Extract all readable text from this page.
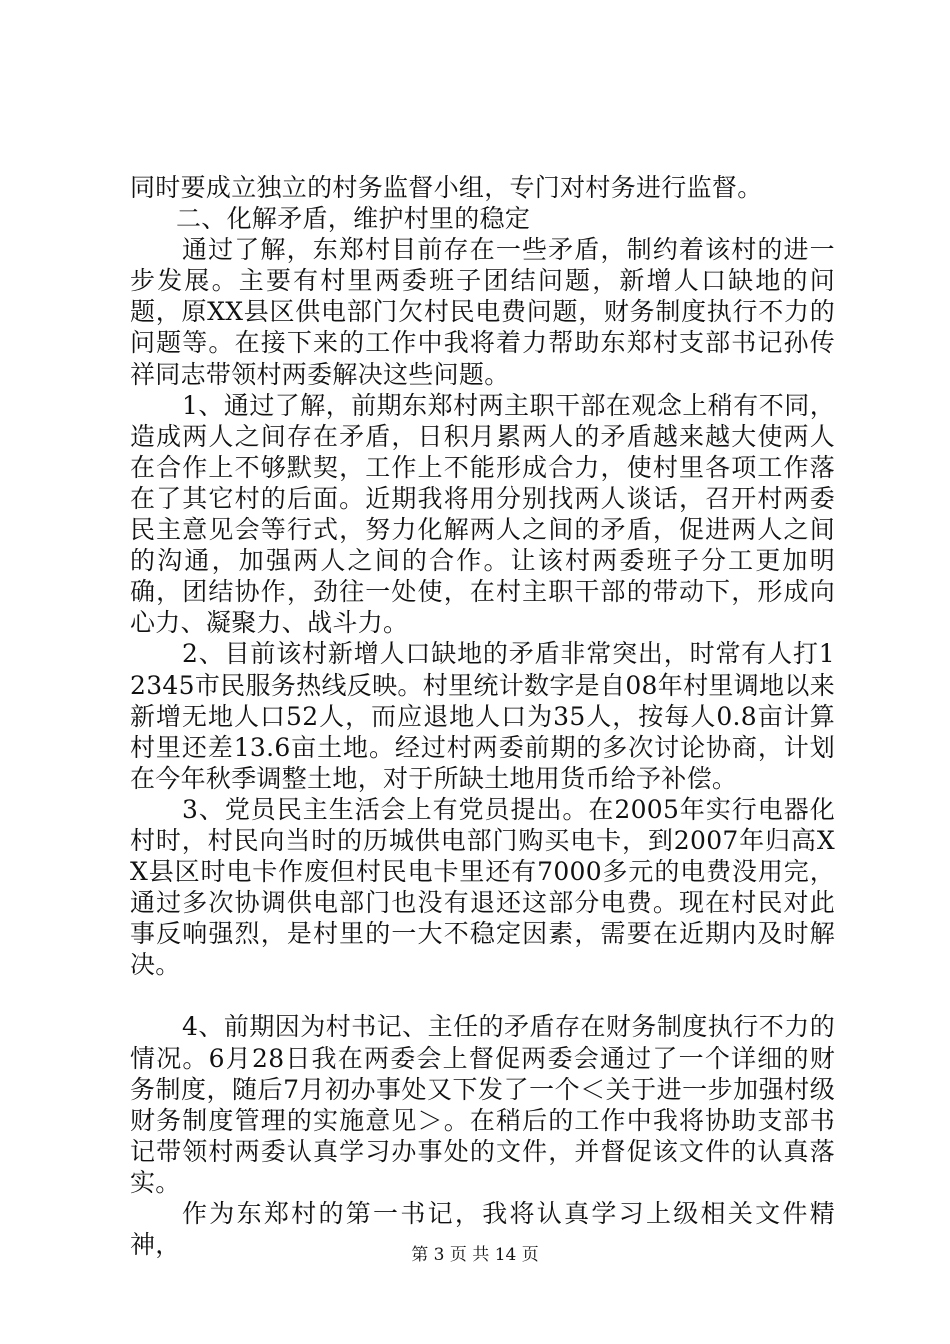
同时要成立独立的村务监督小组，专门对村务进行监督。

二、化解矛盾，维护村里的稳定

通过了解，东郑村目前存在一些矛盾，制约着该村的进一步发展。主要有村里两委班子团结问题，新增人口缺地的问题，原XX县区供电部门欠村民电费问题，财务制度执行不力的问题等。在接下来的工作中我将着力帮助东郑村支部书记孙传祥同志带领村两委解决这些问题。

1、通过了解，前期东郑村两主职干部在观念上稍有不同，造成两人之间存在矛盾，日积月累两人的矛盾越来越大使两人在合作上不够默契，工作上不能形成合力，使村里各项工作落在了其它村的后面。近期我将用分别找两人谈话，召开村两委民主意见会等行式，努力化解两人之间的矛盾，促进两人之间的沟通，加强两人之间的合作。让该村两委班子分工更加明确，团结协作，劲往一处使，在村主职干部的带动下，形成向心力、凝聚力、战斗力。

2、目前该村新增人口缺地的矛盾非常突出，时常有人打12345市民服务热线反映。村里统计数字是自08年村里调地以来新增无地人口52人，而应退地人口为35人，按每人0.8亩计算村里还差13.6亩土地。经过村两委前期的多次讨论协商，计划在今年秋季调整土地，对于所缺土地用货币给予补偿。

3、党员民主生活会上有党员提出。在2005年实行电器化村时，村民向当时的历城供电部门购买电卡，到2007年归高XX县区时电卡作废但村民电卡里还有7000多元的电费没用完，通过多次协调供电部门也没有退还这部分电费。现在村民对此事反响强烈，是村里的一大不稳定因素，需要在近期内及时解决。

4、前期因为村书记、主任的矛盾存在财务制度执行不力的情况。6月28日我在两委会上督促两委会通过了一个详细的财务制度，随后7月初办事处又下发了一个＜关于进一步加强村级财务制度管理的实施意见＞。在稍后的工作中我将协助支部书记带领村两委认真学习办事处的文件，并督促该文件的认真落实。

作为东郑村的第一书记，我将认真学习上级相关文件精神，	第 3 页 共 14 页
